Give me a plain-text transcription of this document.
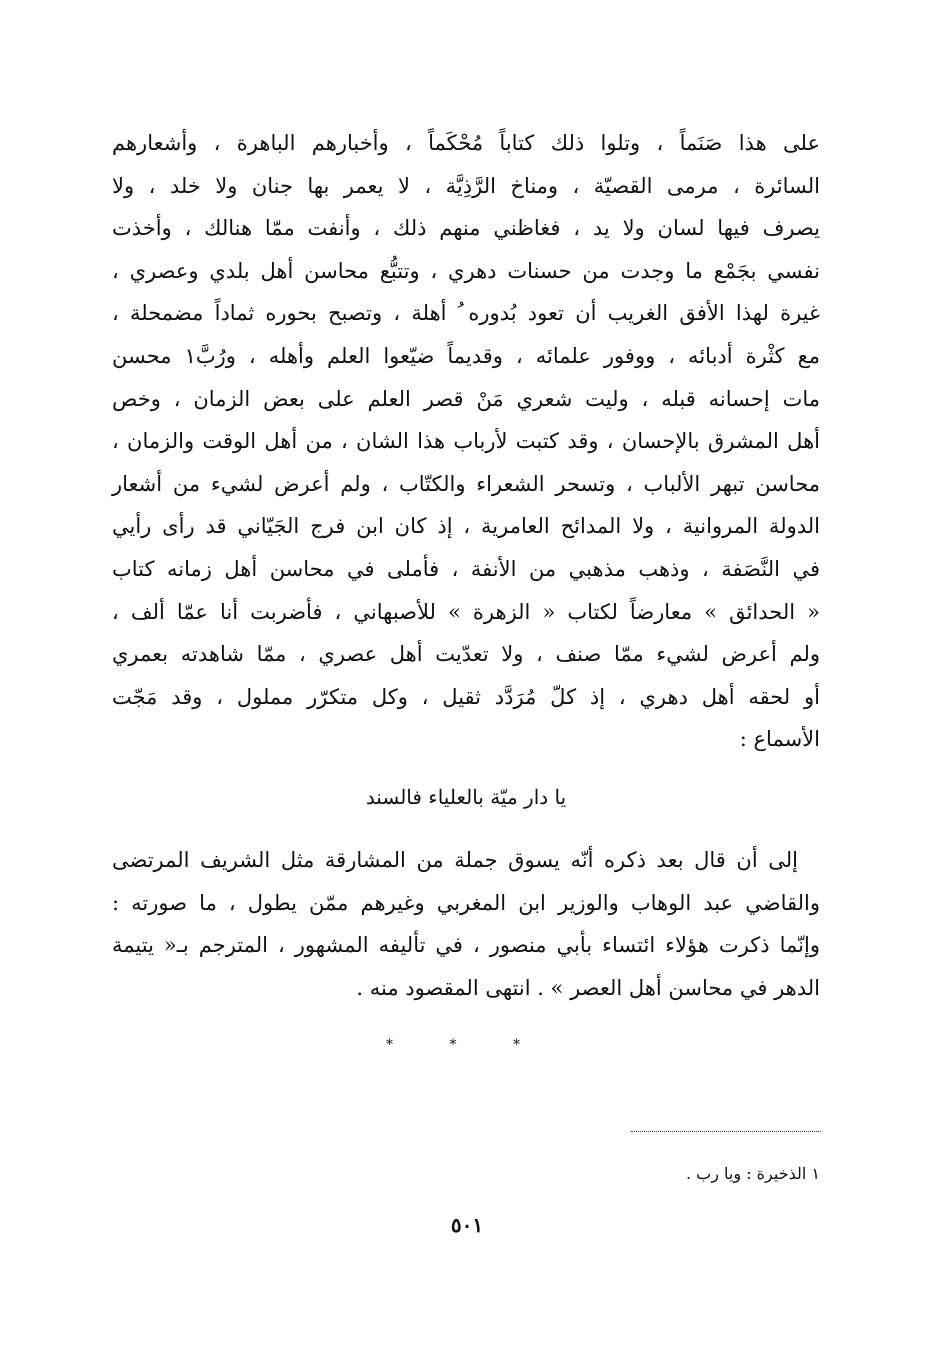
على هذا صَنَماً ، وتلوا ذلك كتاباً مُحْكَماً ، وأخبارهم الباهرة ، وأشعارهم
السائرة ، مرمى القصيّة ، ومناخ الرَّذِيَّة ، لا يعمر بها جنان ولا خلد ، ولا
يصرف فيها لسان ولا يد ، فغاظني منهم ذلك ، وأنفت ممّا هنالك ، وأخذت
نفسي بجَمْع ما وجدت من حسنات دهري ، وتتبُّع محاسن أهل بلدي وعصري ،
غيرة لهذا الأفق الغريب أن تعود بُدوره ُ أهلة ، وتصبح بحوره ثماداً مضمحلة ،
مع كثْرة أدبائه ، ووفور علمائه ، وقديماً ضيّعوا العلم وأهله ، ورُبَّ١ محسن
مات إحسانه قبله ، وليت شعري مَنْ قصر العلم على بعض الزمان ، وخص
أهل المشرق بالإحسان ، وقد كتبت لأرباب هذا الشان ، من أهل الوقت والزمان ،
محاسن تبهر الألباب ، وتسحر الشعراء والكتّاب ، ولم أعرض لشيء من أشعار
الدولة المروانية ، ولا المدائح العامرية ، إذ كان ابن فرج الجَيّاني قد رأى رأيي
في النَّصَفة ، وذهب مذهبي من الأنفة ، فأملى في محاسن أهل زمانه كتاب
« الحدائق » معارضاً لكتاب « الزهرة » للأصبهاني ، فأضربت أنا عمّا ألف ،
ولم أعرض لشيء ممّا صنف ، ولا تعدّيت أهل عصري ، ممّا شاهدته بعمري
أو لحقه أهل دهري ، إذ كلّ مُرَدَّد ثقيل ، وكل متكرّر مملول ، وقد مَجّت
الأسماع :
يا دار ميّة بالعلياء فالسند
إلى أن قال بعد ذكره أنّه يسوق جملة من المشارقة مثل الشريف المرتضى
والقاضي عبد الوهاب والوزير ابن المغربي وغيرهم ممّن يطول ، ما صورته :
وإنّما ذكرت هؤلاء ائتساء بأبي منصور ، في تأليفه المشهور ، المترجم بـ« يتيمة
الدهر في محاسن أهل العصر » . انتهى المقصود منه .
* * *
١ الذخيرة : ويا رب .
٥٠١
